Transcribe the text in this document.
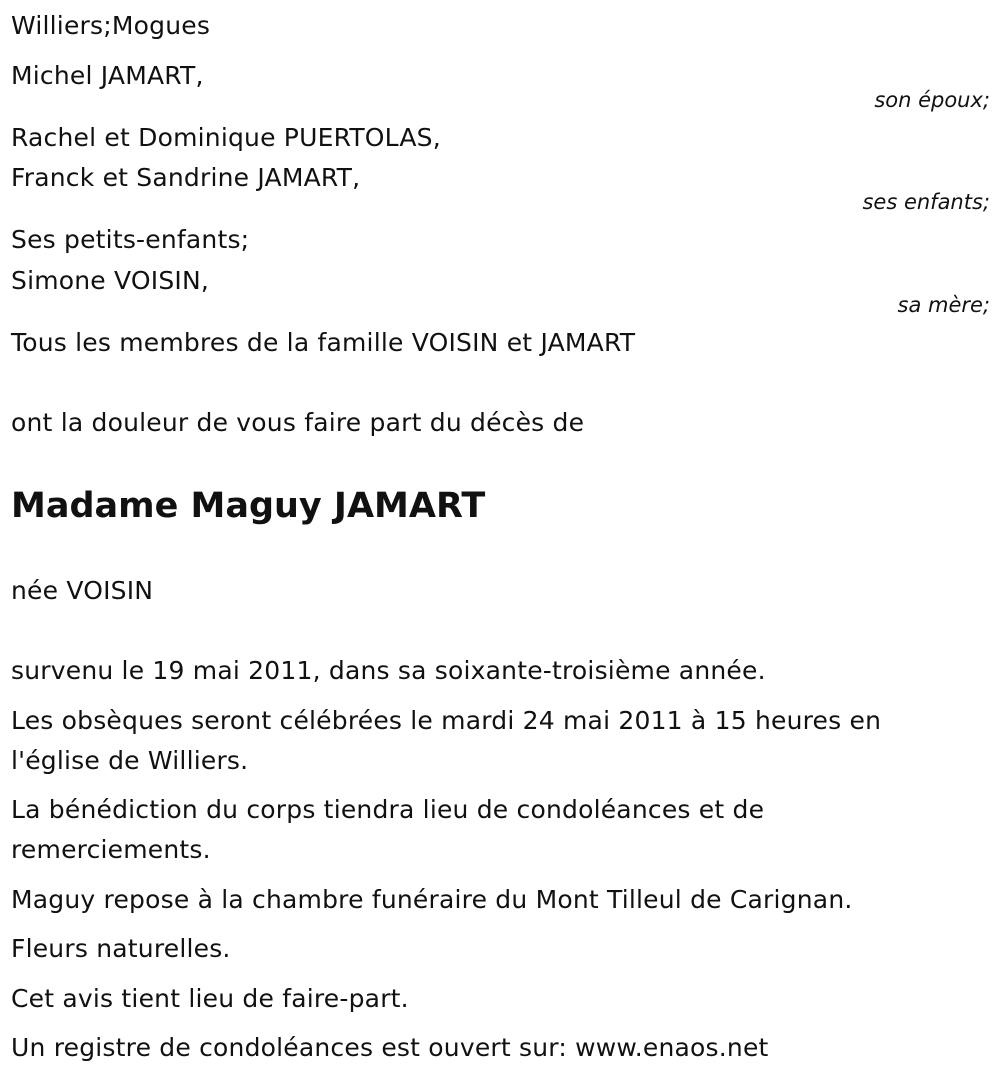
Williers;Mogues
Michel JAMART,
son époux;
Rachel et Dominique PUERTOLAS,
Franck et Sandrine JAMART,
ses enfants;
Ses petits-enfants;
Simone VOISIN,
sa mère;
Tous les membres de la famille VOISIN et JAMART
ont la douleur de vous faire part du décès de
Madame Maguy JAMART
née VOISIN
survenu le 19 mai 2011, dans sa soixante-troisième année.
Les obsèques seront célébrées le mardi 24 mai 2011 à 15 heures en
l'église de Williers.
La bénédiction du corps tiendra lieu de condoléances et de
remerciements.
Maguy repose à la chambre funéraire du Mont Tilleul de Carignan.
Fleurs naturelles.
Cet avis tient lieu de faire-part.
Un registre de condoléances est ouvert sur: www.enaos.net
